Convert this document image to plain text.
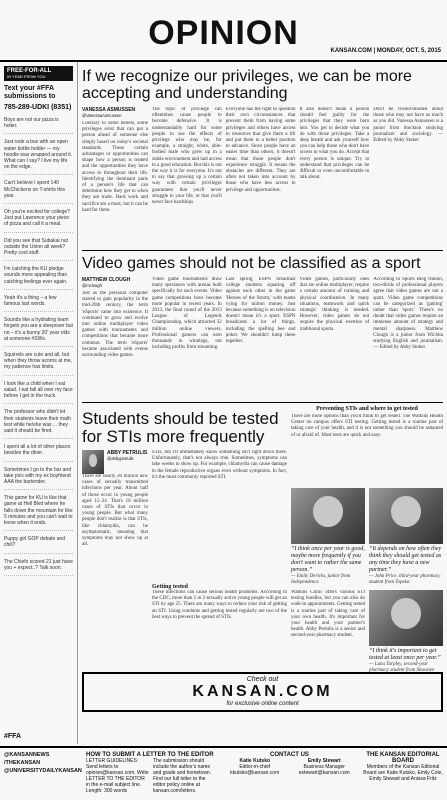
OPINION	KANSAN.COM | MONDAY, OCT. 5, 2015
FREE-FOR-ALL
IN YEAR FROM YOU
Text your #FFA submissions to
785-289-UDKI (8351)
Boys are not our pizza is holier.
Just rode a bus with an open water bottle holder — my hoodie was wrapped around it. What can I say? I live my life on the edge.
Can't believe I spent 140 McChickens on T-shirts this year.
Oh you're excited for college? Just put Lawrence your piece of pizza and call it a meal.
Did you see that Subakai nut outside the Union all week? Pretty cool stuff.
I'm catching the KU pledge sounds more appealing than catching feelings ever again.
Yeah it's a thing – a few famous last words.
Sounds like a hydrating team forgets you are a sleepover but no – it's a bunny 20' year olds at someone #SWs.
Squirrels are cute and all, but when they throw acorns at me, my patience has limits.
I look like a child when I eat salad. I eat fall all over my face before I get in the truck.
The professor who didn't let their students leave their math test while he/she was ... they said it should be fired.
I spent all a lot of other places besides the diner.
Sometimes I go to the bar and take pics with my ex boyfriend AAA the bartender.
This game for KU is like that game at Hell Blvd where he falls down the mountain for like 5 minutes and you can't wait to know when it ends.
Puppy girl GOP debate and chill?
The Chiefs scored 21 just have you + expect..? Talk soon.
#FFA
If we recognize our privileges, we can be more accepting and understanding
VANESSA ASMUSSEN
@VanessaAsmussen
Contrary to some beliefs, some privileges exist that can put a person ahead of someone else simply based on today's societal standards. These certain advantages or opportunities can shape how a person is treated and the opportunities they have access to throughout their life. Identifying the dominant parts of a person's life that can determine how they get to when they are trade. Hard work and sacrifice are a must, but it can be hard for them.
The topic of privilege can oftentimes cause people to become defensive. It is understandably hard for some people to see the effects of privilege who may be, for example, a straight, white, able-bodied male who grew up in a stable environment and had access to a good education. But this is not the way it is for everyone. It's not to say that growing up a certain way with certain privileges guarantees that you'll never struggle in your life, or that you'll never face hardships.
Everyone has the right to question their own circumstances that prevent them from having some privileges and others have access to resources that give them a lift and put them in a better position to advance. Since people have an easier time than others, it doesn't mean that those people don't experience struggle. It means the obstacles are different. They are often not taken into account by those who have less access to privilege and opportunities.
It also doesn't mean a person should feel guilty for the privileges that they were born into. You get to decide what you do with those privileges. Take a deep breath and ask yourself how you can help those who don't have access to what you do. Accept that every person is unique. Try to understand that privileges can be difficult or even uncomfortable to talk about.
Don't be closed-minded about those who may not have as much as you did. Vanessa Asmussen is a junior from Stockton studying journalism and sociology. — Edited by Abby Stoker
Video games should not be classified as a sport
MATTHEW CLOUGH
@mclough
Just as the personal computer started to gain popularity in the mid-20th century, the term 'eSports' came into existence. It continued to grow and evolve into online multiplayer video games with tournaments and competitions that became more common. The term 'eSports' became associated with events surrounding video games.
Video game tournaments draw many spectators with arenas built specifically for such events. Video game competitions have become more popular in recent years. In 2013, the final round of the 2013 League of Legends Championship, which attracted 32 million online viewers. Professional gamers can earn thousands in winnings, not including profits from streaming.
Last spring, ESPN broadcast college students squaring off against each other in the game 'Heroes of the Storm,' with teams vying for tuition money. Just because something is on television doesn't mean it's a sport. ESPN broadcasts a lot of things, including the spelling bee and poker. We shouldn't lump these together.
Video games, particularly ones that are online multiplayer, require a certain amount of training and physical coordination. In many situations, teamwork and quick strategic thinking is needed. However, video games do not require the physical exertion of traditional sports.
According to Sports Blog Nation, two-thirds of professional players agree that video games are not a sport. Video game competitions can be categorized as 'gaming' rather than 'sport.' There's no doubt that video games require an immense amount of strategy and mental sharpness. Matthew Clough is a junior from Wichita studying English and journalism. — Edited by Abby Stoker
Students should be tested for STIs more frequently
ABBY PETRULIS
@abbypetrulis
There are nearly 20 million new cases of sexually transmitted infections per year. About half of those occur in young people aged 15–24. That's 10 million cases of STIs that occur in young people. But what many people don't realize is that STIs, like chlamydia, can be asymptomatic, meaning that symptoms may not show up at all.
STIs, but I'll immediately know something isn't right down there. Unfortunately, that's not always true. Sometimes, symptoms can take weeks to show up. For example, chlamydia can cause damage to the female reproductive organs even without symptoms. In fact, it's the most commonly reported STI.
Getting tested
These infections can cause serious health problems. According to the CDC, more than 1 in 2 sexually active young people will get an STI by age 25. There are many ways to reduce your risk of getting an STI. Using condoms and getting tested regularly are two of the best ways to prevent the spread of STIs.
Preventing STIs and where to get tested
There are more options than you'd think to get tested. The Watkins Health Center on campus offers STI testing. Getting tested is a routine part of taking care of your health, and it is not something you should be ashamed of or afraid of. Most tests are quick and easy.
“I think once per year is good, maybe more frequently if you don't want to rather the same person.”
— Emily Dericks, junior from Independence
“It depends on how often they think they should get tested as any time they have a new partner.”
— John Price, third-year pharmacy student from Topeka
Watkins Clinic offers various STI testing bundles, but you can also do walk-in appointments. Getting tested is a routine part of taking care of your own health. It's important for your health and your partner's health. Abby Petrulis is a senior and second-year pharmacy student.
“I think it's important to get tested at least once per year.”
— Lana Tarpley, second-year pharmacy student from Shawnee
Check out
KANSAN.COM
for exclusive online content
@KANSANNEWS
/THEKANSAN
@UNIVERSITYDAILYKANSAN
HOW TO SUBMIT A LETTER TO THE EDITOR
LETTER GUIDELINES: Send letters to opinion@kansan.com. Write LETTER TO THE EDITOR in the e-mail subject line. Length: 300 words
The submission should include the author's name and grade and hometown. Find our full letter to the editor policy online at kansan.com/letters.
CONTACT US
Katie Kutsko
Editor-in-chief
kkutsko@kansan.com
Emily Stewart
Business Manager
estewart@kansan.com
THE KANSAN EDITORIAL BOARD
Members of the Kansan Editorial Board are Katie Kutsko, Emily Cole, Emily Stewart and Anissa Fritz
